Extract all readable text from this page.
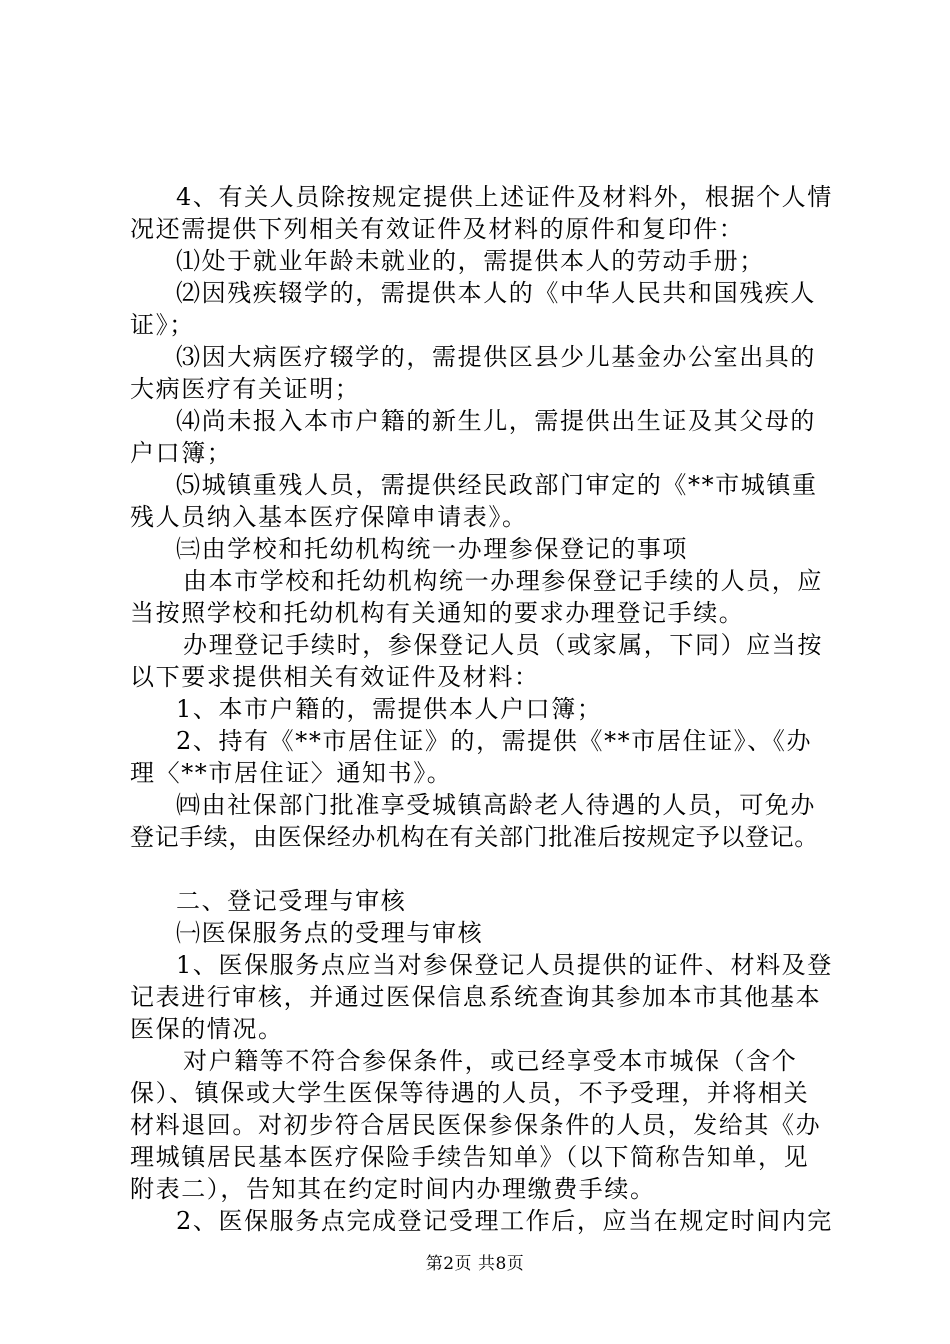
4、有关人员除按规定提供上述证件及材料外，根据个人情
况还需提供下列相关有效证件及材料的原件和复印件：
⑴处于就业年龄未就业的，需提供本人的劳动手册；
⑵因残疾辍学的，需提供本人的《中华人民共和国残疾人
证》；
⑶因大病医疗辍学的，需提供区县少儿基金办公室出具的
大病医疗有关证明；
⑷尚未报入本市户籍的新生儿，需提供出生证及其父母的
户口簿；
⑸城镇重残人员，需提供经民政部门审定的《**市城镇重
残人员纳入基本医疗保障申请表》。
㈢由学校和托幼机构统一办理参保登记的事项
由本市学校和托幼机构统一办理参保登记手续的人员，应
当按照学校和托幼机构有关通知的要求办理登记手续。
办理登记手续时，参保登记人员（或家属，下同）应当按
以下要求提供相关有效证件及材料：
1、本市户籍的，需提供本人户口簿；
2、持有《**市居住证》的，需提供《**市居住证》、《办
理〈**市居住证〉通知书》。
㈣由社保部门批准享受城镇高龄老人待遇的人员，可免办
登记手续，由医保经办机构在有关部门批准后按规定予以登记。
二、登记受理与审核
㈠医保服务点的受理与审核
1、医保服务点应当对参保登记人员提供的证件、材料及登
记表进行审核，并通过医保信息系统查询其参加本市其他基本
医保的情况。
对户籍等不符合参保条件，或已经享受本市城保（含个
保）、镇保或大学生医保等待遇的人员，不予受理，并将相关
材料退回。对初步符合居民医保参保条件的人员，发给其《办
理城镇居民基本医疗保险手续告知单》（以下简称告知单，见
附表二），告知其在约定时间内办理缴费手续。
2、医保服务点完成登记受理工作后，应当在规定时间内完
第2页 共8页
